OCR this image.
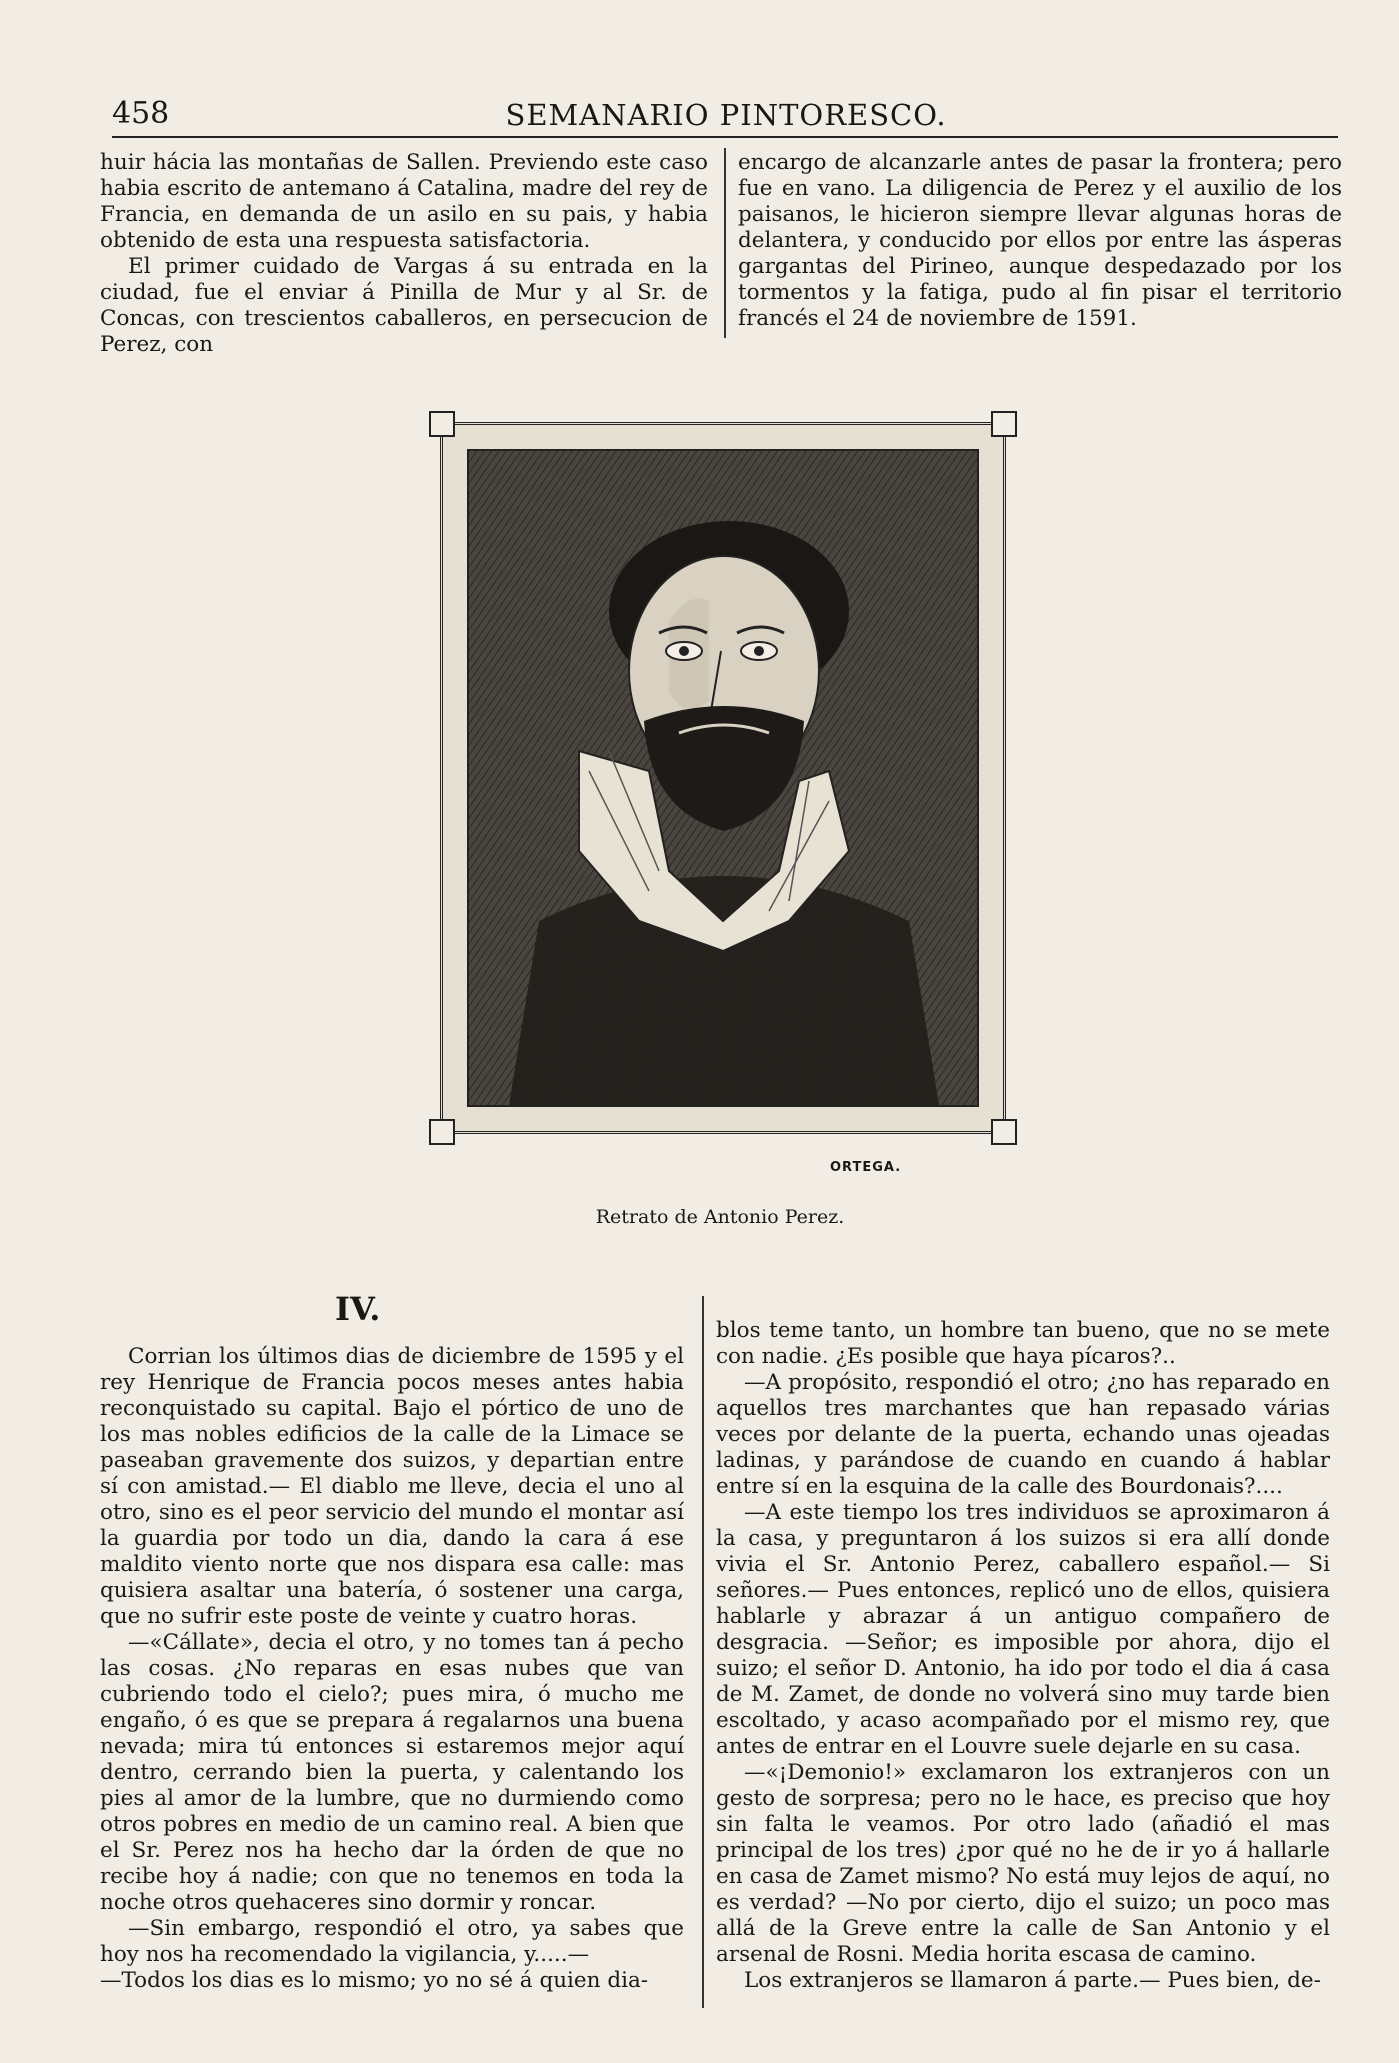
458	SEMANARIO PINTORESCO.

huir hácia las montañas de Sallen. Previendo este caso habia escrito de antemano á Catalina, madre del rey de Francia, en demanda de un asilo en su pais, y habia obtenido de esta una respuesta satisfactoria.

El primer cuidado de Vargas á su entrada en la ciudad, fue el enviar á Pinilla de Mur y al Sr. de Concas, con trescientos caballeros, en persecucion de Perez, con

encargo de alcanzarle antes de pasar la frontera; pero fue en vano. La diligencia de Perez y el auxilio de los paisanos, le hicieron siempre llevar algunas horas de delantera, y conducido por ellos por entre las ásperas gargantas del Pirineo, aunque despedazado por los tormentos y la fatiga, pudo al fin pisar el territorio francés el 24 de noviembre de 1591.

ORTEGA.
Retrato de Antonio Perez.
IV.

Corrian los últimos dias de diciembre de 1595 y el rey Henrique de Francia pocos meses antes habia reconquistado su capital. Bajo el pórtico de uno de los mas nobles edificios de la calle de la Limace se paseaban gravemente dos suizos, y departian entre sí con amistad.— El diablo me lleve, decia el uno al otro, sino es el peor servicio del mundo el montar así la guardia por todo un dia, dando la cara á ese maldito viento norte que nos dispara esa calle: mas quisiera asaltar una batería, ó sostener una carga, que no sufrir este poste de veinte y cuatro horas.

—«Cállate», decia el otro, y no tomes tan á pecho las cosas. ¿No reparas en esas nubes que van cubriendo todo el cielo?; pues mira, ó mucho me engaño, ó es que se prepara á regalarnos una buena nevada; mira tú entonces si estaremos mejor aquí dentro, cerrando bien la puerta, y calentando los pies al amor de la lumbre, que no durmiendo como otros pobres en medio de un camino real. A bien que el Sr. Perez nos ha hecho dar la órden de que no recibe hoy á nadie; con que no tenemos en toda la noche otros quehaceres sino dormir y roncar.

—Sin embargo, respondió el otro, ya sabes que hoy nos ha recomendado la vigilancia, y.....—

—Todos los dias es lo mismo; yo no sé á quien dia-

blos teme tanto, un hombre tan bueno, que no se mete con nadie. ¿Es posible que haya pícaros?..

—A propósito, respondió el otro; ¿no has reparado en aquellos tres marchantes que han repasado várias veces por delante de la puerta, echando unas ojeadas ladinas, y parándose de cuando en cuando á hablar entre sí en la esquina de la calle des Bourdonais?....

—A este tiempo los tres individuos se aproximaron á la casa, y preguntaron á los suizos si era allí donde vivia el Sr. Antonio Perez, caballero español.— Si señores.— Pues entonces, replicó uno de ellos, quisiera hablarle y abrazar á un antiguo compañero de desgracia. —Señor; es imposible por ahora, dijo el suizo; el señor D. Antonio, ha ido por todo el dia á casa de M. Zamet, de donde no volverá sino muy tarde bien escoltado, y acaso acompañado por el mismo rey, que antes de entrar en el Louvre suele dejarle en su casa.

—«¡Demonio!» exclamaron los extranjeros con un gesto de sorpresa; pero no le hace, es preciso que hoy sin falta le veamos. Por otro lado (añadió el mas principal de los tres) ¿por qué no he de ir yo á hallarle en casa de Zamet mismo? No está muy lejos de aquí, no es verdad? —No por cierto, dijo el suizo; un poco mas allá de la Greve entre la calle de San Antonio y el arsenal de Rosni. Media horita escasa de camino.

Los extranjeros se llamaron á parte.— Pues bien, de-
